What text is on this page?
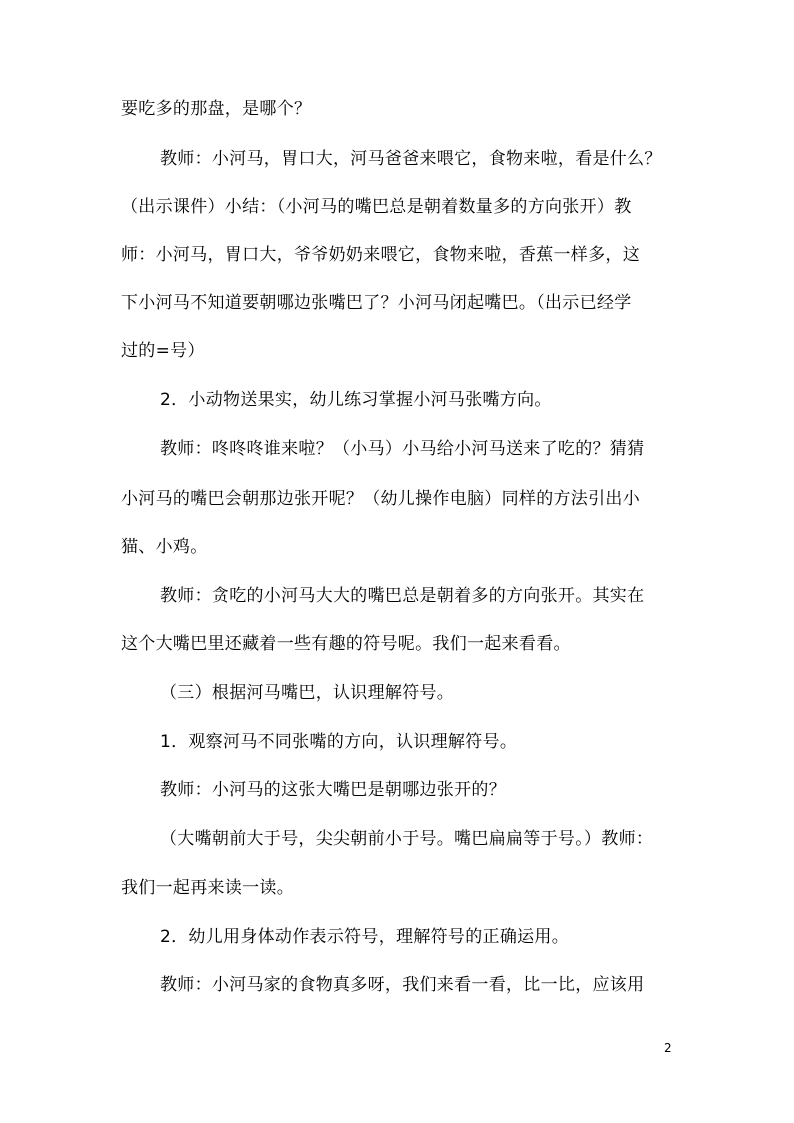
要吃多的那盘，是哪个？
教师：小河马，胃口大，河马爸爸来喂它，食物来啦，看是什么？
（出示课件）小结：（小河马的嘴巴总是朝着数量多的方向张开）教
师：小河马，胃口大，爷爷奶奶来喂它，食物来啦，香蕉一样多，这
下小河马不知道要朝哪边张嘴巴了？小河马闭起嘴巴。（出示已经学
过的=号）
2．小动物送果实，幼儿练习掌握小河马张嘴方向。
教师：咚咚咚谁来啦？（小马）小马给小河马送来了吃的？猜猜
小河马的嘴巴会朝那边张开呢？（幼儿操作电脑）同样的方法引出小
猫、小鸡。
教师：贪吃的小河马大大的嘴巴总是朝着多的方向张开。其实在
这个大嘴巴里还藏着一些有趣的符号呢。我们一起来看看。
（三）根据河马嘴巴，认识理解符号。
1．观察河马不同张嘴的方向，认识理解符号。
教师：小河马的这张大嘴巴是朝哪边张开的？
（大嘴朝前大于号，尖尖朝前小于号。嘴巴扁扁等于号。）教师：
我们一起再来读一读。
2．幼儿用身体动作表示符号，理解符号的正确运用。
教师：小河马家的食物真多呀，我们来看一看，比一比，应该用
2
